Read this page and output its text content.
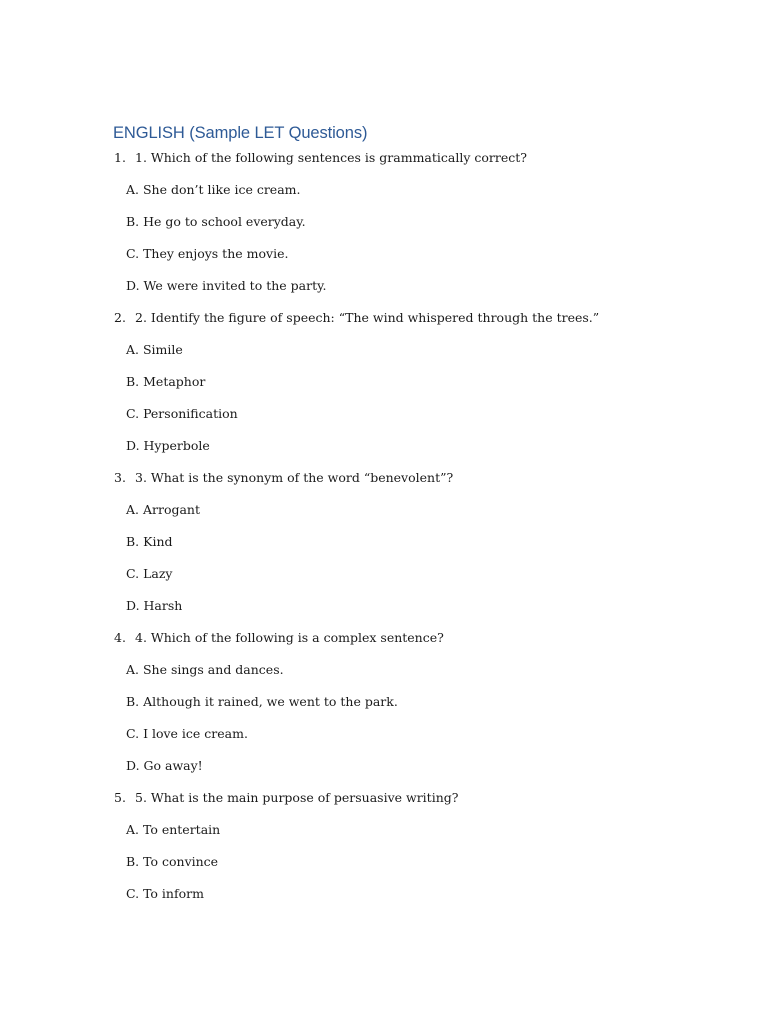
ENGLISH (Sample LET Questions)
1. 1. Which of the following sentences is grammatically correct?
A. She don’t like ice cream.
B. He go to school everyday.
C. They enjoys the movie.
D. We were invited to the party.
2. 2. Identify the figure of speech: “The wind whispered through the trees.”
A. Simile
B. Metaphor
C. Personification
D. Hyperbole
3. 3. What is the synonym of the word “benevolent”?
A. Arrogant
B. Kind
C. Lazy
D. Harsh
4. 4. Which of the following is a complex sentence?
A. She sings and dances.
B. Although it rained, we went to the park.
C. I love ice cream.
D. Go away!
5. 5. What is the main purpose of persuasive writing?
A. To entertain
B. To convince
C. To inform
